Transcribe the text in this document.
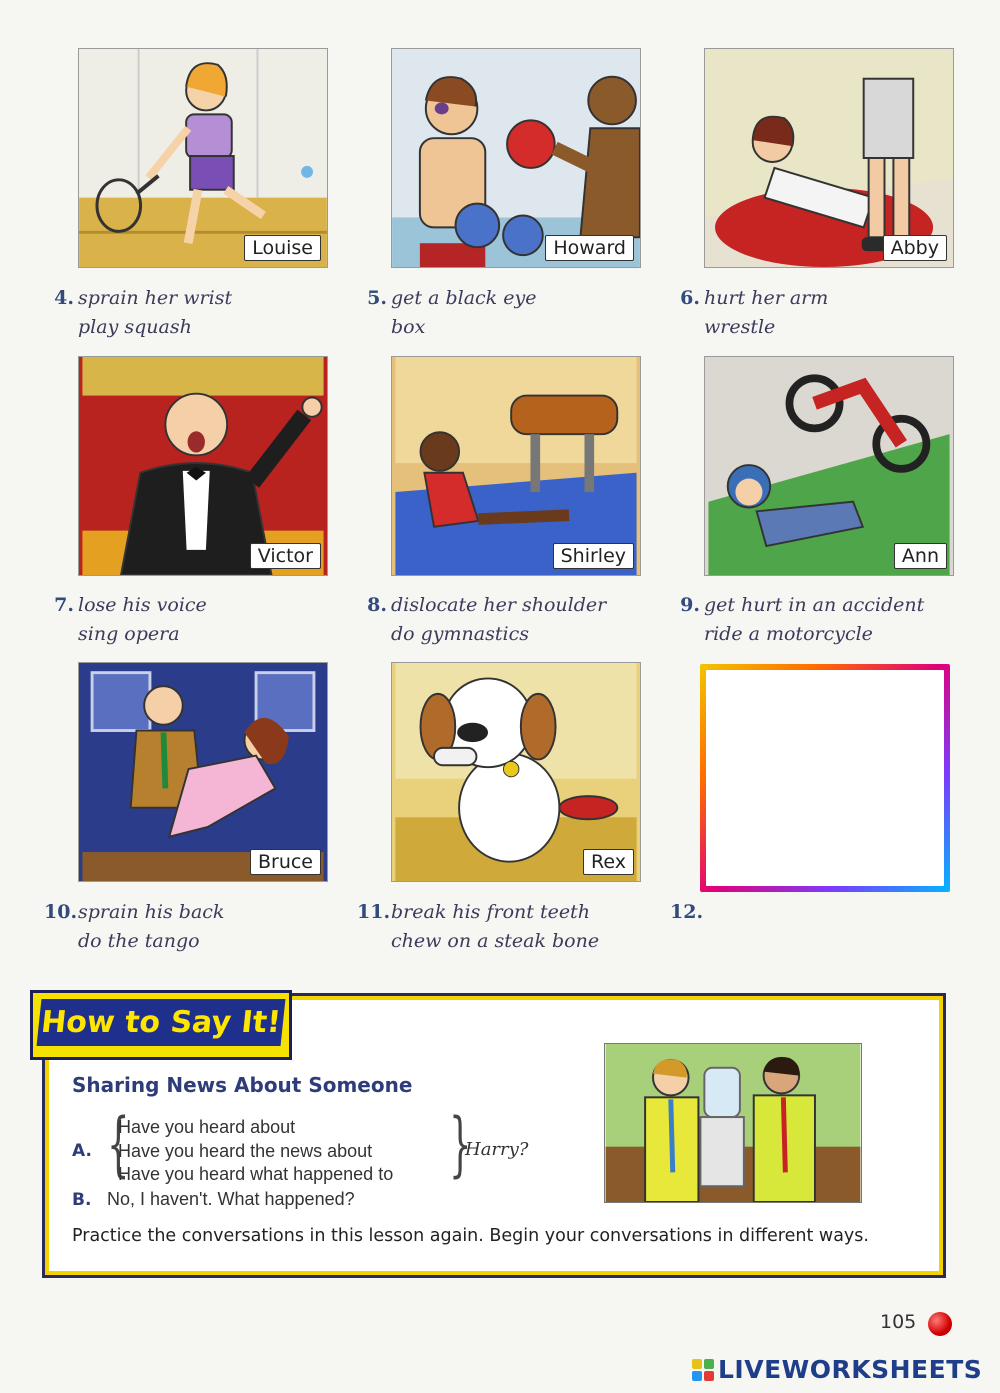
Louise	Howard	Abby
4. sprain her wrist
play squash
5. get a black eye
box
6. hurt her arm
wrestle
Victor	Shirley	Ann
7. lose his voice
sing opera
8. dislocate her shoulder
do gymnastics
9. get hurt in an accident
ride a motorcycle
Bruce	Rex
10. sprain his back
do the tango
11. break his front teeth
chew on a steak bone
12.
How to Say It!
Sharing News About Someone
A. {
Have you heard about
Have you heard the news about
Have you heard what happened to }
Harry?
B. No, I haven't. What happened?
Practice the conversations in this lesson again. Begin your conversations in different ways.
105
LIVEWORKSHEETS
